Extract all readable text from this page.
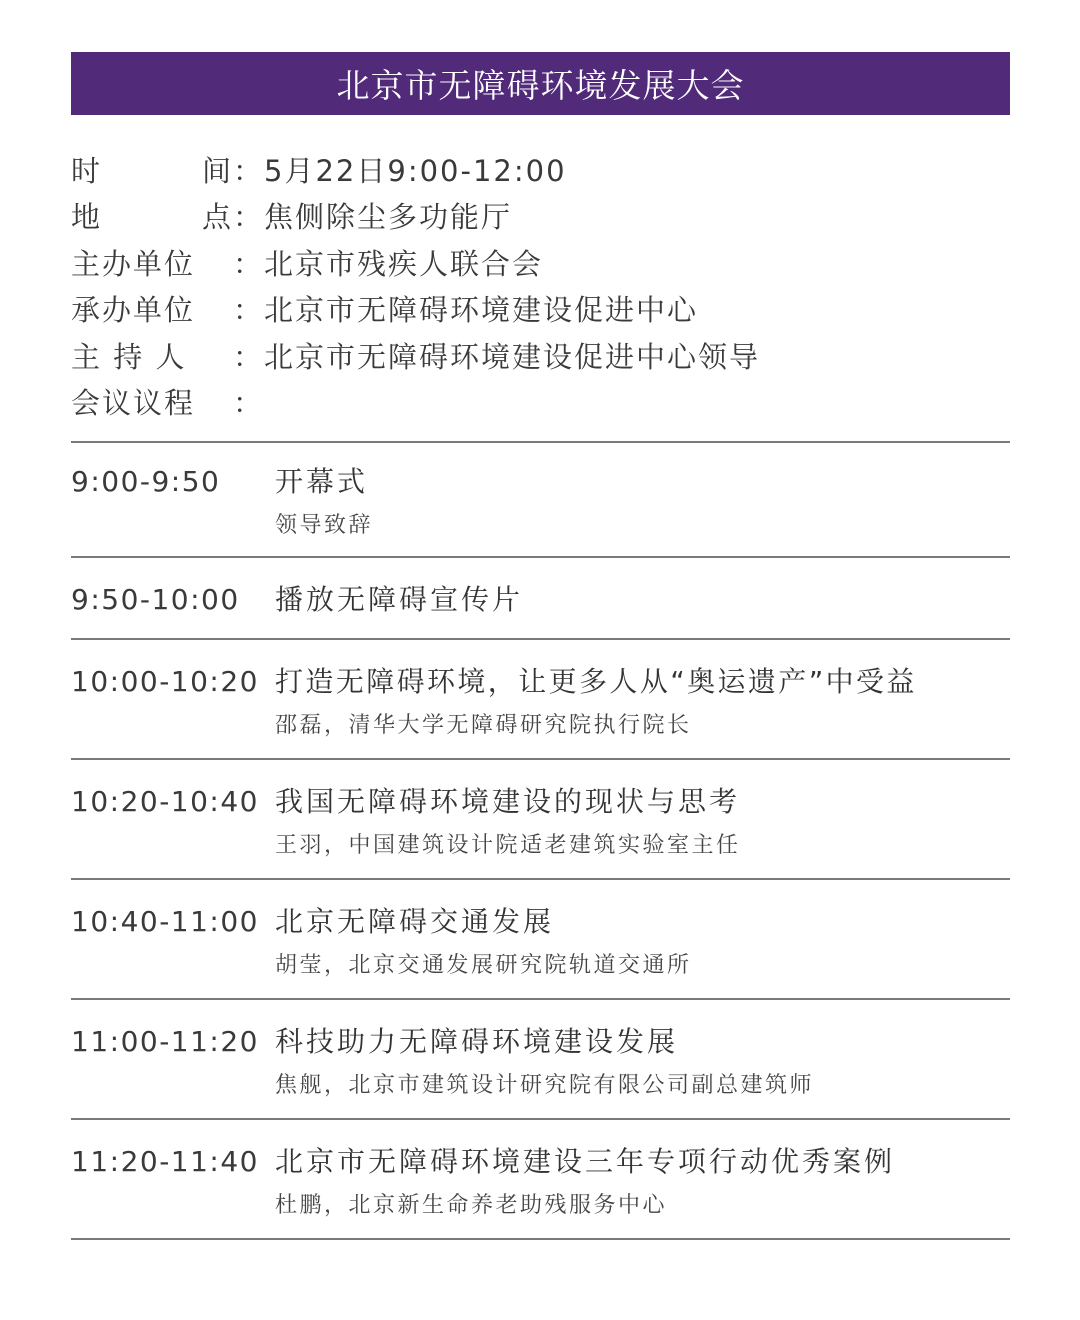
北京市无障碍环境发展大会
时	间 ： 5月22日9:00-12:00
地	点 ： 焦侧除尘多功能厅
主办单位	： 北京市残疾人联合会
承办单位	： 北京市无障碍环境建设促进中心
主 持 人	： 北京市无障碍环境建设促进中心领导
会议议程	：
9:00-9:50	开幕式
领导致辞
9:50-10:00	播放无障碍宣传片
10:00-10:20 打造无障碍环境，让更多人从“奥运遗产”中受益
邵磊，清华大学无障碍研究院执行院长
10:20-10:40 我国无障碍环境建设的现状与思考
王羽，中国建筑设计院适老建筑实验室主任
10:40-11:00 北京无障碍交通发展
胡莹，北京交通发展研究院轨道交通所
11:00-11:20 科技助力无障碍环境建设发展
焦舰，北京市建筑设计研究院有限公司副总建筑师
11:20-11:40 北京市无障碍环境建设三年专项行动优秀案例
杜鹏，北京新生命养老助残服务中心
